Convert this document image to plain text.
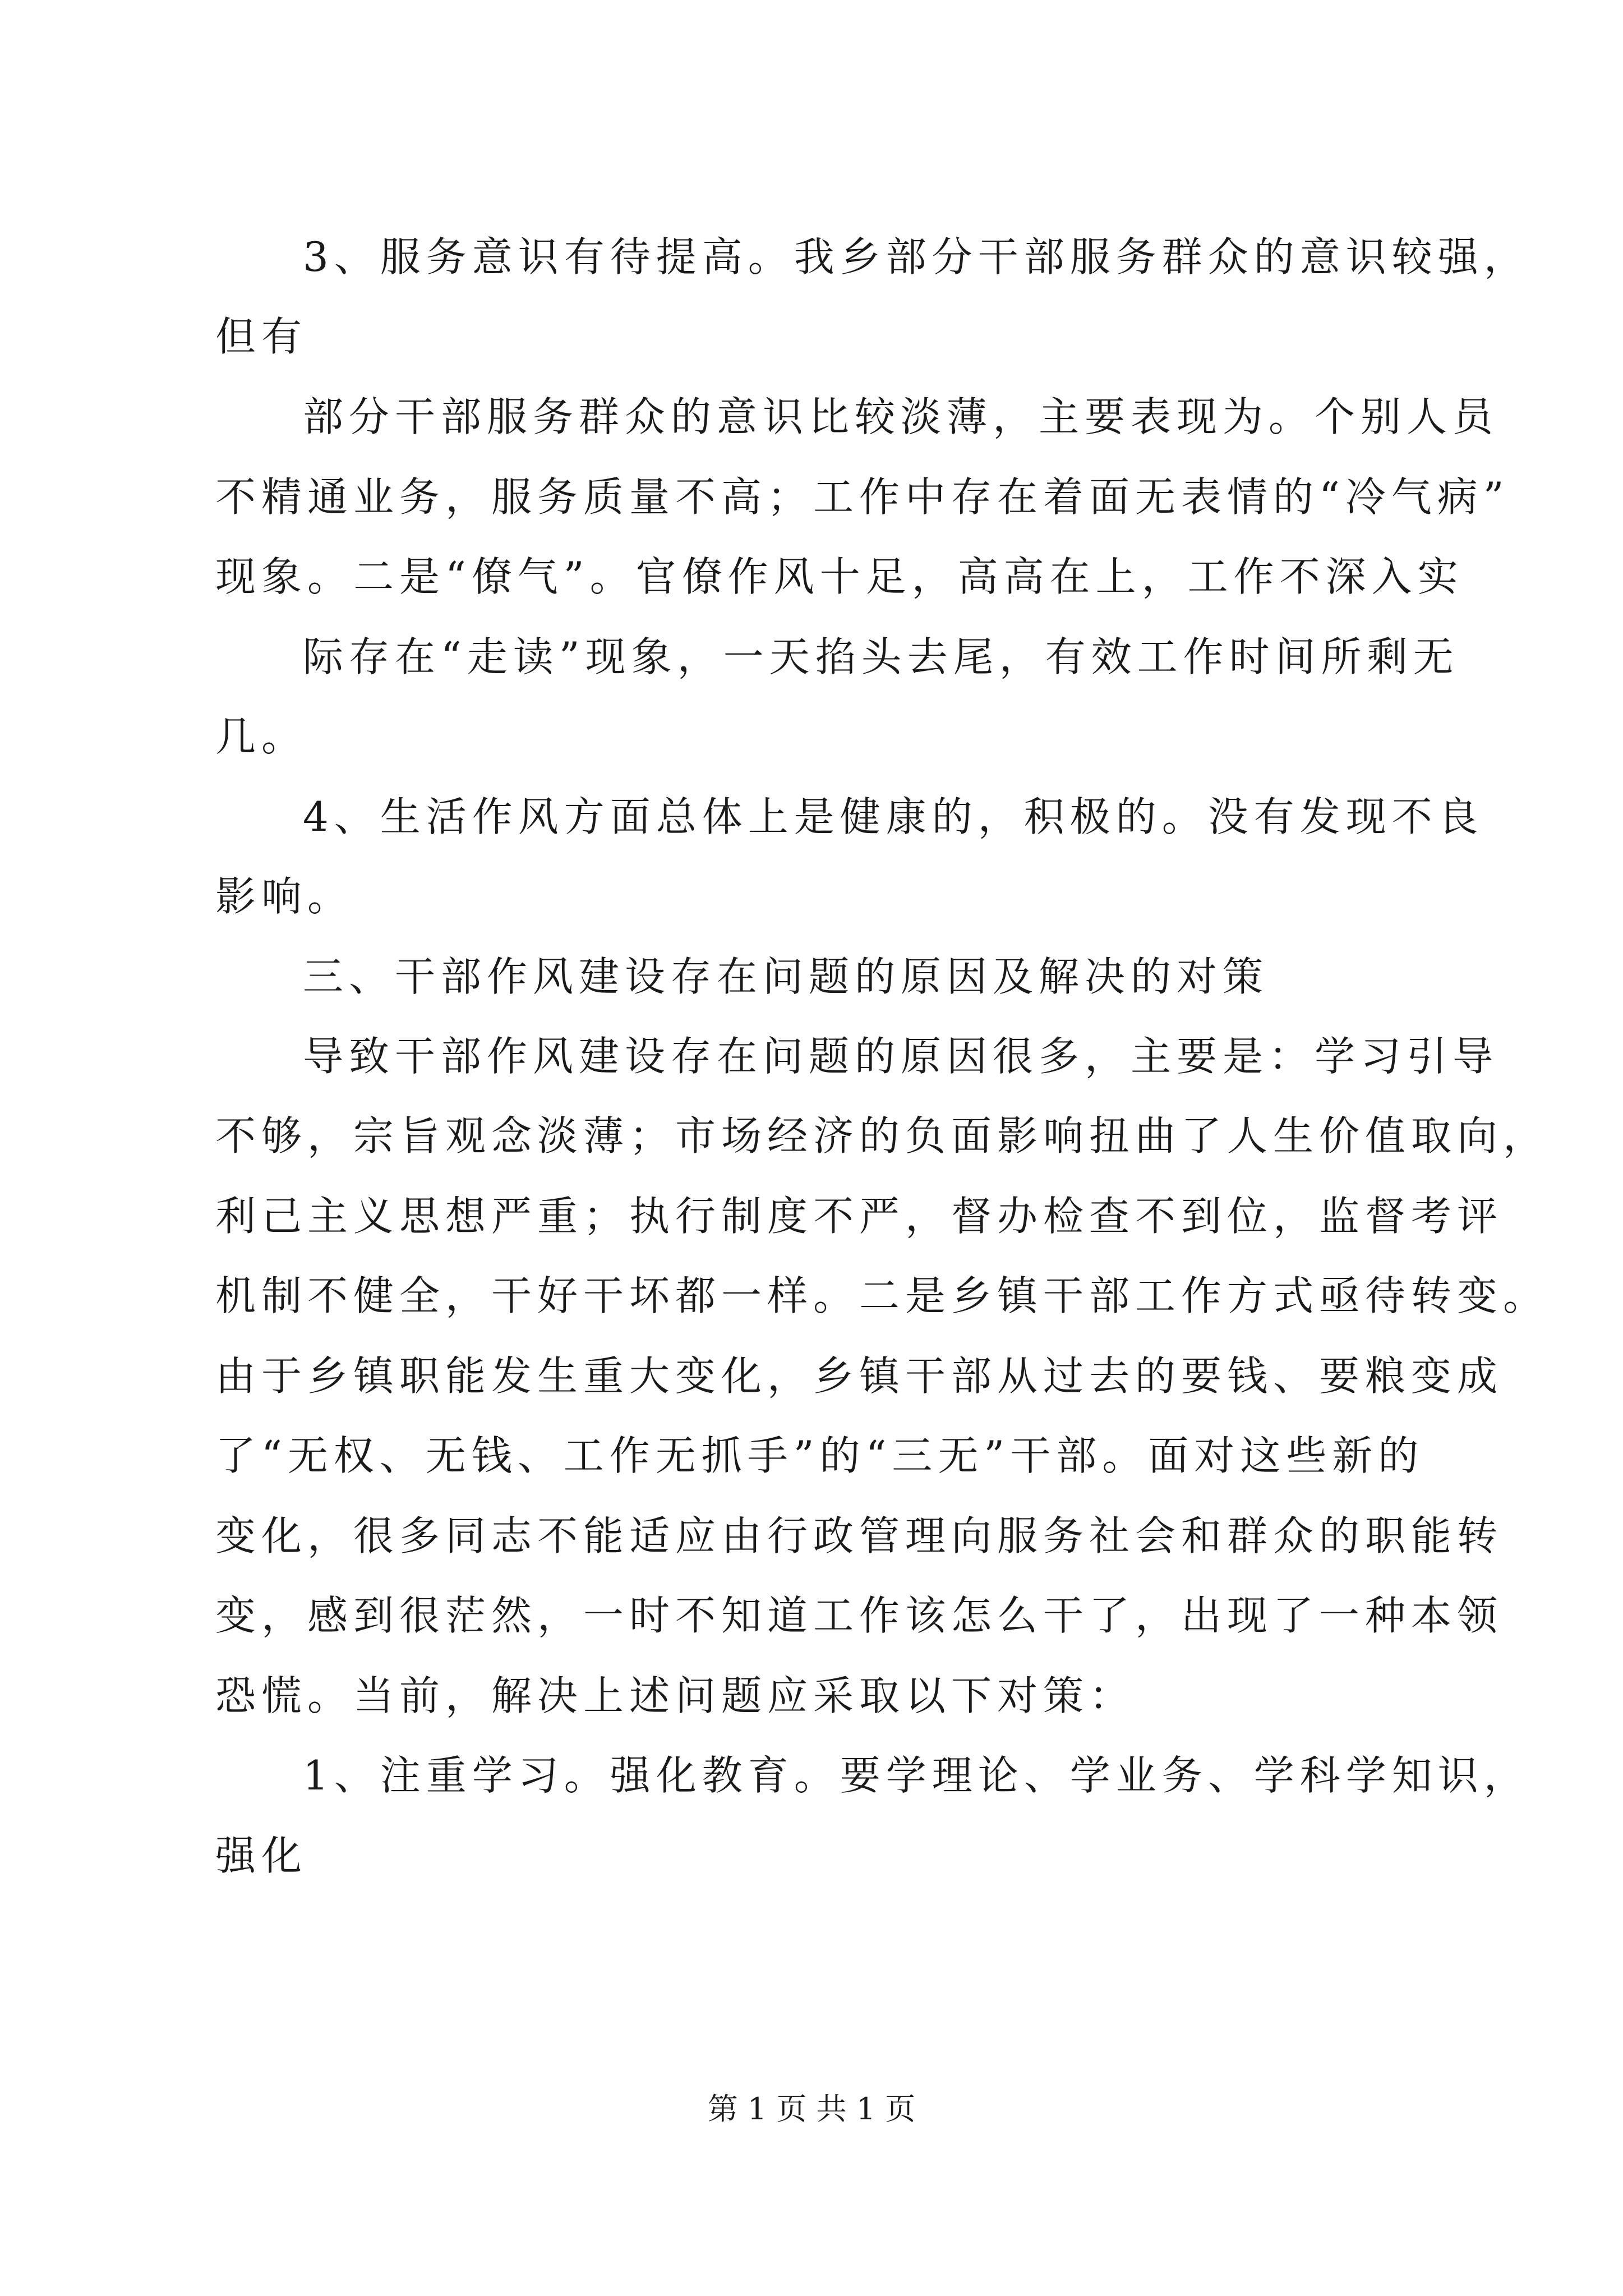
3、服务意识有待提高。我乡部分干部服务群众的意识较强，
但有
部分干部服务群众的意识比较淡薄，主要表现为。个别人员
不精通业务，服务质量不高；工作中存在着面无表情的“冷气病”
现象。二是“僚气”。官僚作风十足，高高在上，工作不深入实
际存在“走读”现象，一天掐头去尾，有效工作时间所剩无
几。
4、生活作风方面总体上是健康的，积极的。没有发现不良
影响。
三、干部作风建设存在问题的原因及解决的对策
导致干部作风建设存在问题的原因很多，主要是：学习引导
不够，宗旨观念淡薄；市场经济的负面影响扭曲了人生价值取向，
利己主义思想严重；执行制度不严，督办检查不到位，监督考评
机制不健全，干好干坏都一样。二是乡镇干部工作方式亟待转变。
由于乡镇职能发生重大变化，乡镇干部从过去的要钱、要粮变成
了“无权、无钱、工作无抓手”的“三无”干部。面对这些新的
变化，很多同志不能适应由行政管理向服务社会和群众的职能转
变，感到很茫然，一时不知道工作该怎么干了，出现了一种本领
恐慌。当前，解决上述问题应采取以下对策：
1、注重学习。强化教育。要学理论、学业务、学科学知识，
强化
第 1 页 共 1 页
